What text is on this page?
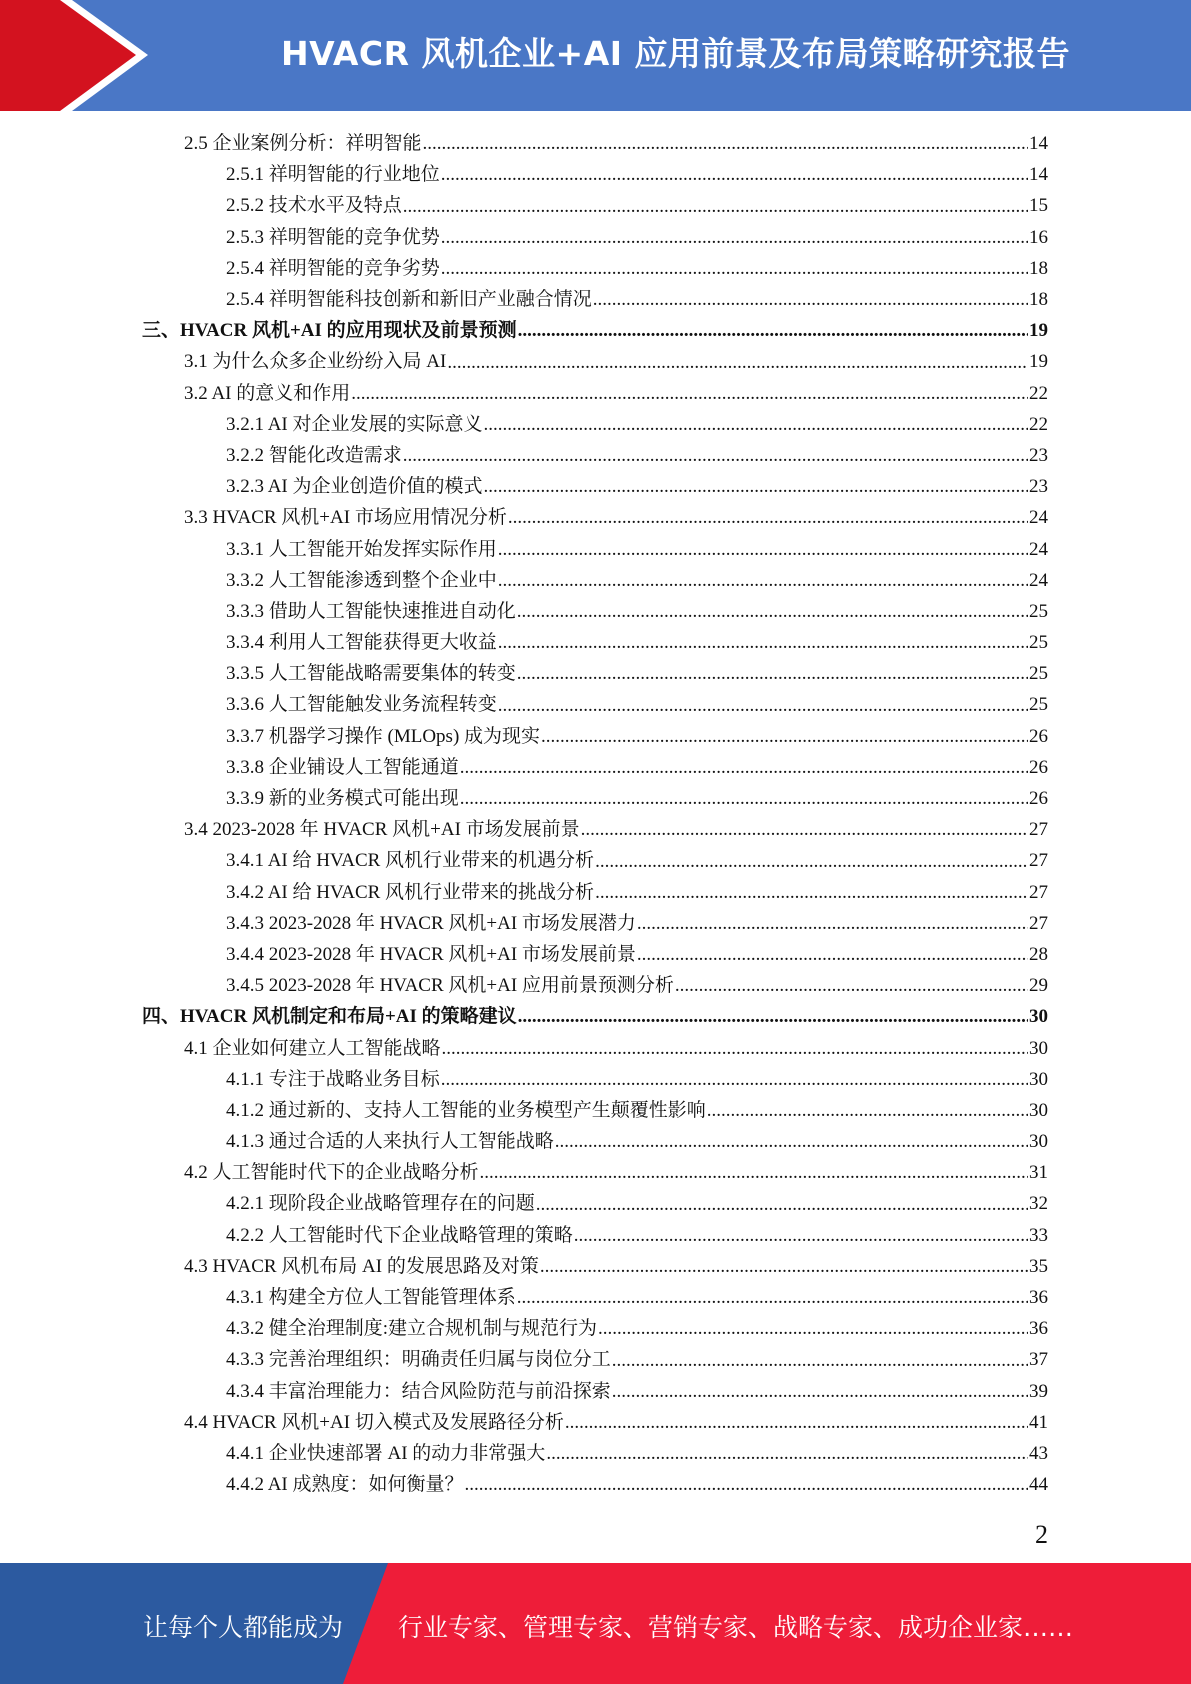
HVACR 风机企业+AI 应用前景及布局策略研究报告
2.5 企业案例分析：祥明智能 .....	14
2.5.1 祥明智能的行业地位 .....	14
2.5.2 技术水平及特点 .....	15
2.5.3 祥明智能的竞争优势 .....	16
2.5.4 祥明智能的竞争劣势 .....	18
2.5.4 祥明智能科技创新和新旧产业融合情况 .....	18
三、HVACR 风机+AI 的应用现状及前景预测 .....	19
3.1 为什么众多企业纷纷入局 AI .....	19
3.2 AI 的意义和作用 .....	22
3.2.1 AI 对企业发展的实际意义 .....	22
3.2.2 智能化改造需求 .....	23
3.2.3 AI 为企业创造价值的模式 .....	23
3.3 HVACR 风机+AI 市场应用情况分析 .....	24
3.3.1 人工智能开始发挥实际作用 .....	24
3.3.2 人工智能渗透到整个企业中 .....	24
3.3.3 借助人工智能快速推进自动化 .....	25
3.3.4 利用人工智能获得更大收益 .....	25
3.3.5 人工智能战略需要集体的转变 .....	25
3.3.6 人工智能触发业务流程转变 .....	25
3.3.7 机器学习操作 (MLOps) 成为现实 .....	26
3.3.8 企业铺设人工智能通道 .....	26
3.3.9 新的业务模式可能出现 .....	26
3.4 2023-2028 年 HVACR 风机+AI 市场发展前景 .....	27
3.4.1 AI 给 HVACR 风机行业带来的机遇分析 .....	27
3.4.2 AI 给 HVACR 风机行业带来的挑战分析 .....	27
3.4.3 2023-2028 年 HVACR 风机+AI 市场发展潜力 .....	27
3.4.4 2023-2028 年 HVACR 风机+AI 市场发展前景 .....	28
3.4.5 2023-2028 年 HVACR 风机+AI 应用前景预测分析 .....	29
四、HVACR 风机制定和布局+AI 的策略建议 .....	30
4.1 企业如何建立人工智能战略 .....	30
4.1.1 专注于战略业务目标 .....	30
4.1.2 通过新的、支持人工智能的业务模型产生颠覆性影响 .....	30
4.1.3 通过合适的人来执行人工智能战略 .....	30
4.2 人工智能时代下的企业战略分析 .....	31
4.2.1 现阶段企业战略管理存在的问题 .....	32
4.2.2 人工智能时代下企业战略管理的策略 .....	33
4.3 HVACR 风机布局 AI 的发展思路及对策 .....	35
4.3.1 构建全方位人工智能管理体系 .....	36
4.3.2 健全治理制度:建立合规机制与规范行为 .....	36
4.3.3 完善治理组织：明确责任归属与岗位分工 .....	37
4.3.4 丰富治理能力：结合风险防范与前沿探索 .....	39
4.4 HVACR 风机+AI 切入模式及发展路径分析 .....	41
4.4.1 企业快速部署 AI 的动力非常强大 .....	43
4.4.2 AI 成熟度：如何衡量？ .....	44
2
让每个人都能成为 行业专家、管理专家、营销专家、战略专家、成功企业家……
